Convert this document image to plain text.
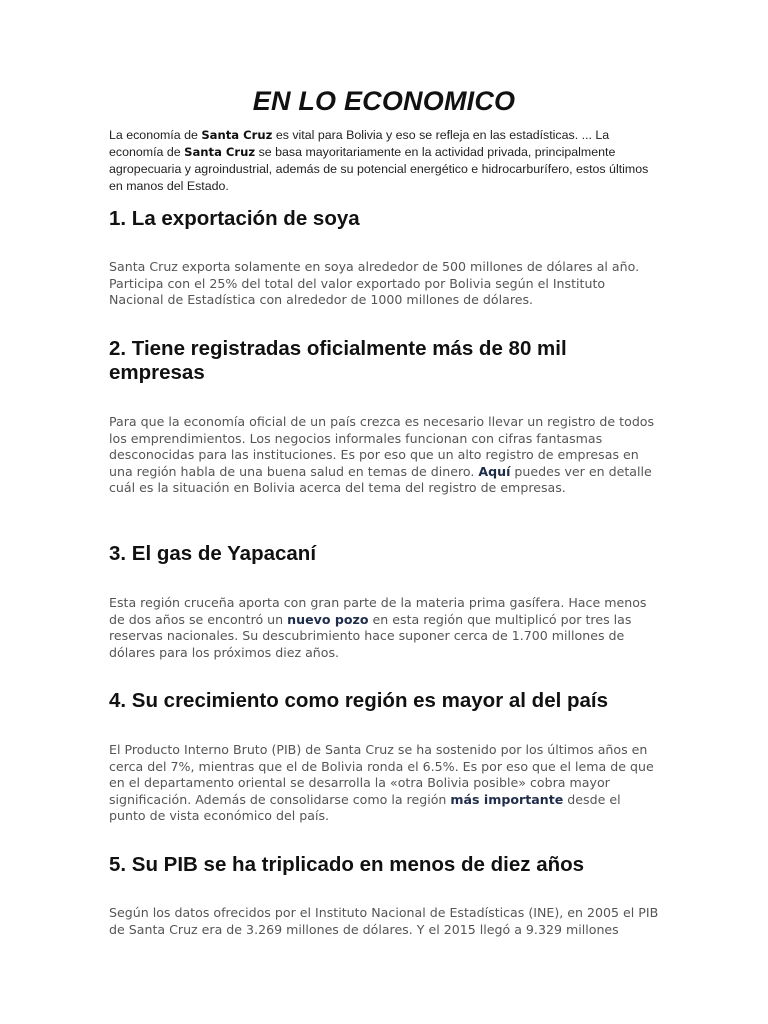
EN LO ECONOMICO

La economía de Santa Cruz es vital para Bolivia y eso se refleja en las estadísticas. ... La economía de Santa Cruz se basa mayoritariamente en la actividad privada, principalmente agropecuaria y agroindustrial, además de su potencial energético e hidrocarburífero, estos últimos en manos del Estado.

1. La exportación de soya

Santa Cruz exporta solamente en soya alrededor de 500 millones de dólares al año. Participa con el 25% del total del valor exportado por Bolivia según el Instituto Nacional de Estadística con alrededor de 1000 millones de dólares.

2. Tiene registradas oficialmente más de 80 mil empresas

Para que la economía oficial de un país crezca es necesario llevar un registro de todos los emprendimientos. Los negocios informales funcionan con cifras fantasmas desconocidas para las instituciones. Es por eso que un alto registro de empresas en una región habla de una buena salud en temas de dinero. Aquí puedes ver en detalle cuál es la situación en Bolivia acerca del tema del registro de empresas.

3. El gas de Yapacaní

Esta región cruceña aporta con gran parte de la materia prima gasífera. Hace menos de dos años se encontró un nuevo pozo en esta región que multiplicó por tres las reservas nacionales. Su descubrimiento hace suponer cerca de 1.700 millones de dólares para los próximos diez años.

4. Su crecimiento como región es mayor al del país

El Producto Interno Bruto (PIB) de Santa Cruz se ha sostenido por los últimos años en cerca del 7%, mientras que el de Bolivia ronda el 6.5%. Es por eso que el lema de que en el departamento oriental se desarrolla la «otra Bolivia posible» cobra mayor significación. Además de consolidarse como la región más importante desde el punto de vista económico del país.

5. Su PIB se ha triplicado en menos de diez años

Según los datos ofrecidos por el Instituto Nacional de Estadísticas (INE), en 2005 el PIB de Santa Cruz era de 3.269 millones de dólares. Y el 2015 llegó a 9.329 millones
